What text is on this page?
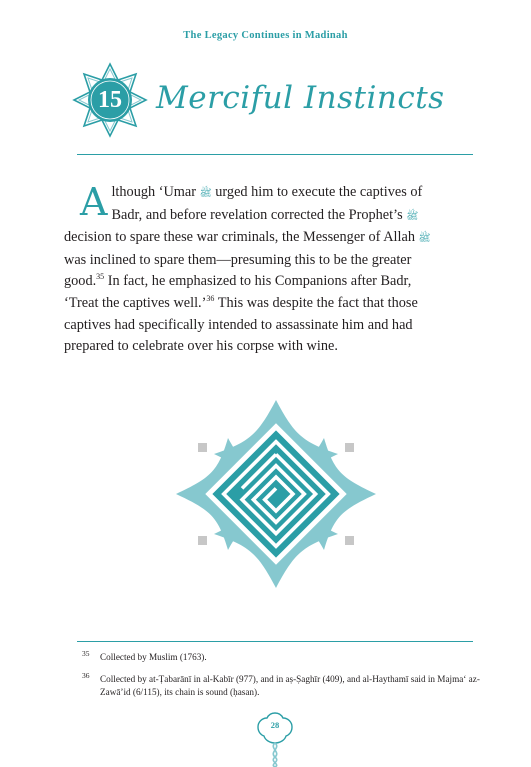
The Legacy Continues in Madinah
15	Merciful Instincts
A lthough ‘Umar ﷺ urged him to execute the captives of
Badr, and before revelation corrected the Prophet’s ﷺ
decision to spare these war criminals, the Messenger of Allah ﷺ
was inclined to spare them—presuming this to be the greater
good.$^{35}$ In fact, he emphasized to his Companions after Badr,
‘Treat the captives well.’$^{36}$ This was despite the fact that those
captives had specifically intended to assassinate him and had
prepared to celebrate over his corpse with wine.
35	Collected by Muslim (1763).
36	Collected by at-Ṭabarānī in al-Kabīr (977), and in aṣ-Ṣaghīr (409), and al-Haythamī said in Majma‘ az-Zawā’id (6/115), its chain is sound (ḥasan).
28
